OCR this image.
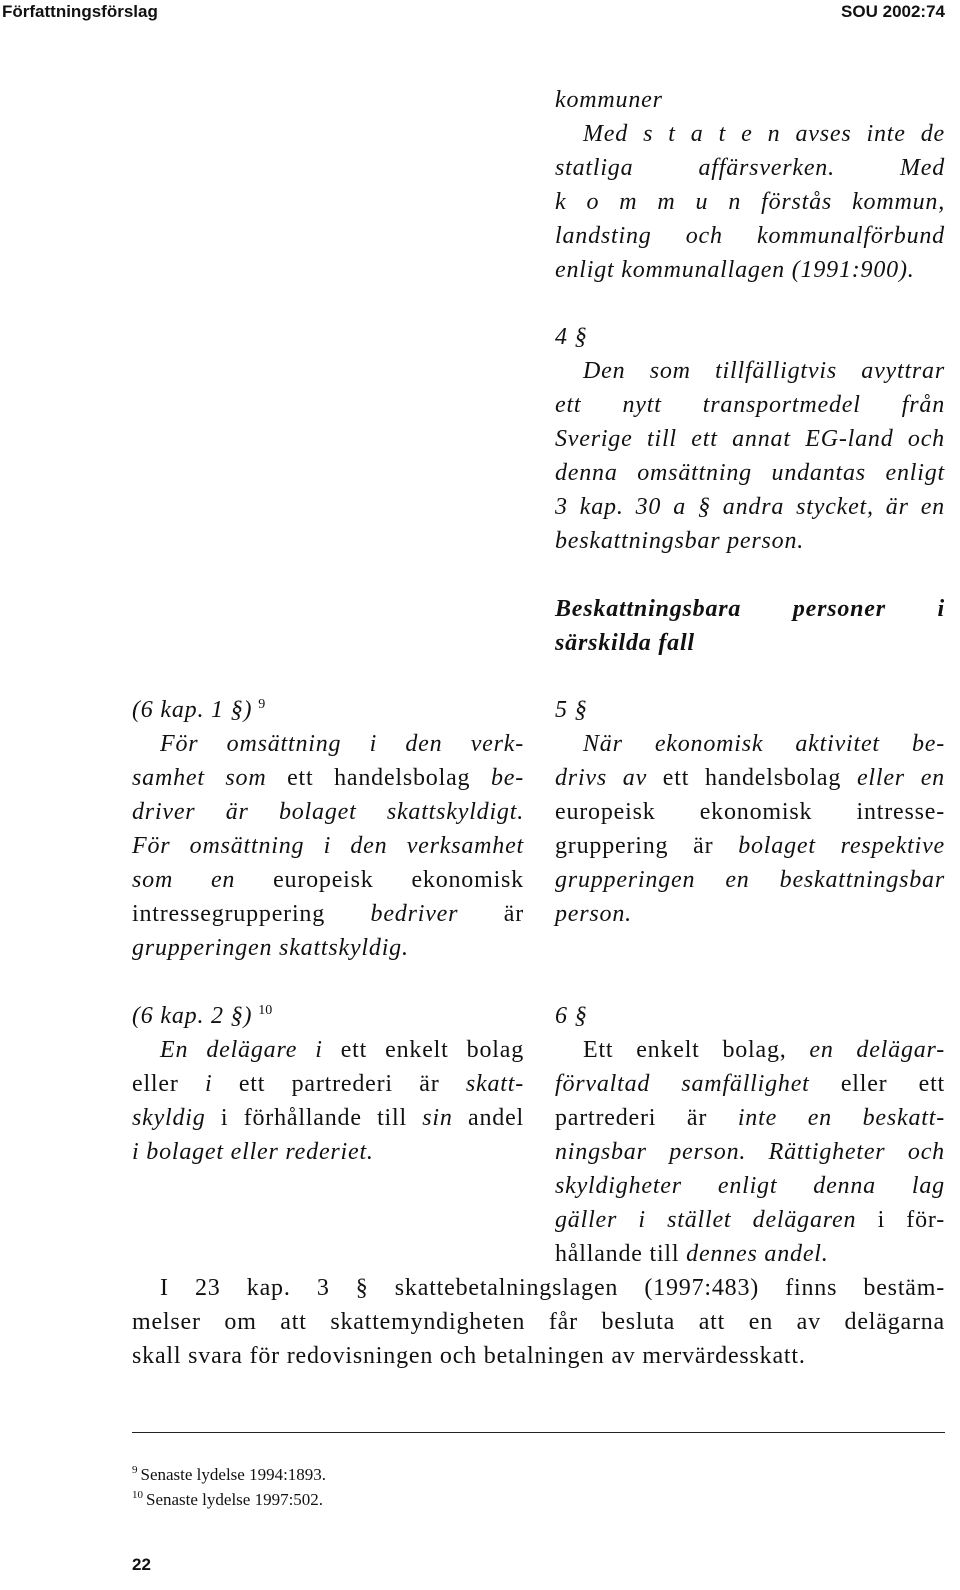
Författningsförslag	SOU 2002:74
kommuner
Med s t a t e n avses inte de
statliga affärsverken. Med
k o m m u n förstås kommun,
landsting och kommunalförbund
enligt kommunallagen (1991:900).
4 §
Den som tillfälligtvis avyttrar
ett nytt transportmedel från
Sverige till ett annat EG-land och
denna omsättning undantas enligt
3 kap. 30 a § andra stycket, är en
beskattningsbar person.
Beskattningsbara personer i
särskilda fall
(6 kap. 1 §) $^9$
För omsättning i den verk-
samhet som ett handelsbolag be-
driver är bolaget skattskyldigt.
För omsättning i den verksamhet
som en europeisk ekonomisk
intressegruppering bedriver är
grupperingen skattskyldig.
5 §
När ekonomisk aktivitet be-
drivs av ett handelsbolag eller en
europeisk ekonomisk intresse-
gruppering är bolaget respektive
grupperingen en beskattningsbar
person.
(6 kap. 2 §) $^{10}$
En delägare i ett enkelt bolag
eller i ett partrederi är skatt-
skyldig i förhållande till sin andel
i bolaget eller rederiet.
6 §
Ett enkelt bolag, en delägar-
förvaltad samfällighet eller ett
partrederi är inte en beskatt-
ningsbar person. Rättigheter och
skyldigheter enligt denna lag
gäller i stället delägaren i för-
hållande till dennes andel.
I 23 kap. 3 § skattebetalningslagen (1997:483) finns bestäm-
melser om att skattemyndigheten får besluta att en av delägarna
skall svara för redovisningen och betalningen av mervärdesskatt.
$^9$ Senaste lydelse 1994:1893.
$^{10}$ Senaste lydelse 1997:502.
22
